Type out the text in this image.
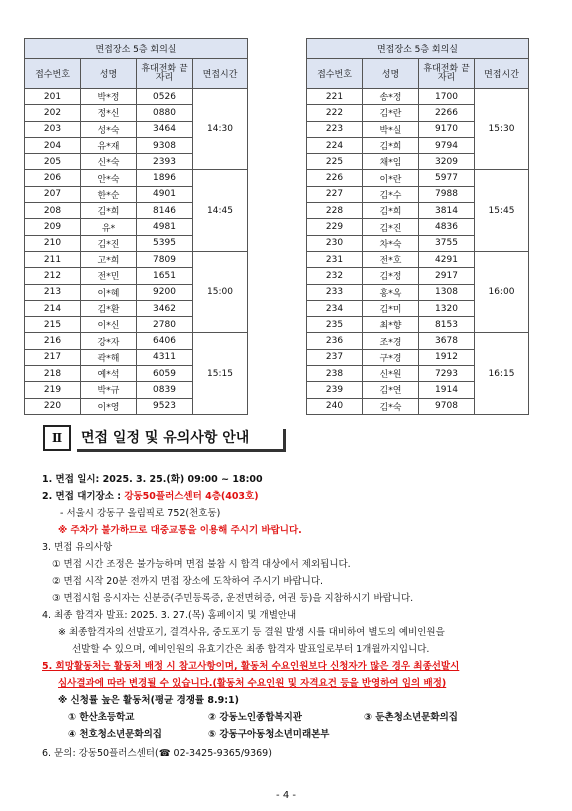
면접장소 5층 회의실			
접수번호	성명	휴대전화 끝자리	면접시간
201	박*정	0526	14:30
202	정*신	0880	
203	성*숙	3464	
204	유*재	9308	
205	신*숙	2393	
206	안*숙	1896	14:45
207	한*순	4901	
208	김*희	8146	
209	유*	4981	
210	김*진	5395	
211	고*희	7809	15:00
212	전*민	1651	
213	이*혜	9200	
214	김*환	3462	
215	이*신	2780	
216	강*자	6406	15:15
217	곽*해	4311	
218	예*석	6059	
219	박*규	0839	
220	이*영	9523	
면접장소 5층 회의실			
접수번호	성명	휴대전화 끝자리	면접시간
221	송*정	1700	15:30
222	김*란	2266	
223	박*실	9170	
224	김*희	9794	
225	채*임	3209	
226	이*란	5977	15:45
227	김*수	7988	
228	김*희	3814	
229	김*진	4836	
230	차*숙	3755	
231	전*호	4291	16:00
232	김*정	2917	
233	홍*옥	1308	
234	김*미	1320	
235	최*향	8153	
236	조*경	3678	16:15
237	구*경	1912	
238	신*원	7293	
239	김*연	1914	
240	김*숙	9708	
Ⅱ	면접 일정 및 유의사항 안내
1. 면접 일시: 2025. 3. 25.(화) 09:00 ~ 18:00
2. 면접 대기장소 : 강동50플러스센터 4층(403호)
- 서울시 강동구 올림픽로 752(천호동)
※ 주차가 불가하므로 대중교통을 이용해 주시기 바랍니다.
3. 면접 유의사항
① 면접 시간 조정은 불가능하며 면접 불참 시 합격 대상에서 제외됩니다.
② 면접 시작 20분 전까지 면접 장소에 도착하여 주시기 바랍니다.
③ 면접시험 응시자는 신분증(주민등록증, 운전면허증, 여권 등)을 지참하시기 바랍니다.
4. 최종 합격자 발표: 2025. 3. 27.(목) 홈페이지 및 개별안내
※ 최종합격자의 선발포기, 결격사유, 중도포기 등 결원 발생 시를 대비하여 별도의 예비인원을
선발할 수 있으며, 예비인원의 유효기간은 최종 합격자 발표일로부터 1개월까지입니다.
5. 희망활동처는 활동처 배정 시 참고사항이며, 활동처 수요인원보다 신청자가 많은 경우 최종선발시
심사결과에 따라 변경될 수 있습니다.(활동처 수요인원 및 자격요건 등을 반영하여 임의 배정)
※ 신청률 높은 활동처(평균 경쟁률 8.9:1)
① 한산초등학교	② 강동노인종합복지관	③ 둔촌청소년문화의집
④ 천호청소년문화의집	⑤ 강동구아동청소년미래본부
6. 문의: 강동50플러스센터(☎ 02-3425-9365/9369)
- 4 -
